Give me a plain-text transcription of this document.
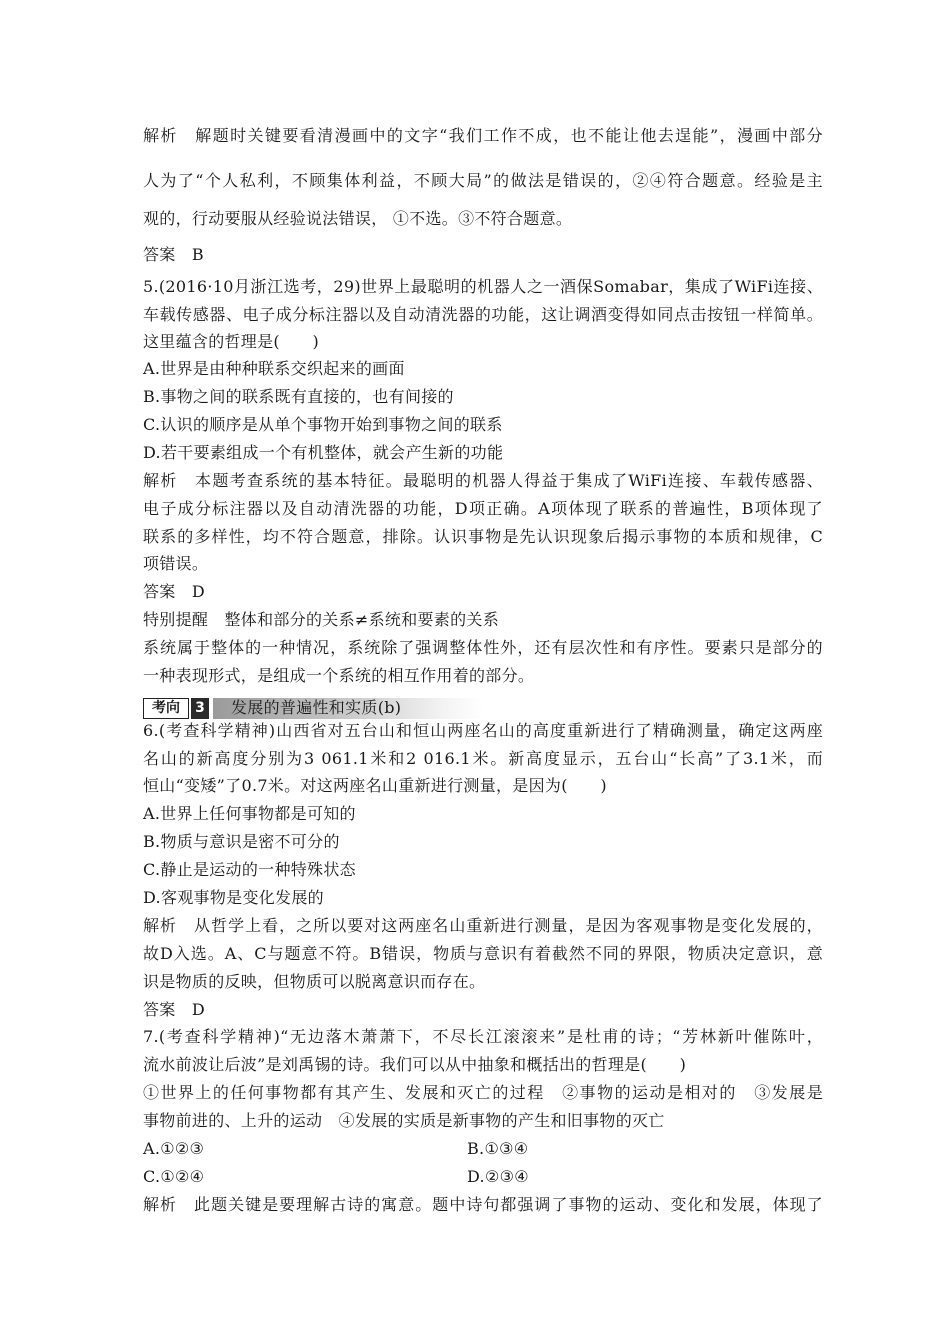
解析　解题时关键要看清漫画中的文字“我们工作不成，也不能让他去逞能”，漫画中部分

人为了“个人私利，不顾集体利益，不顾大局”的做法是错误的，②④符合题意。经验是主

观的，行动要服从经验说法错误， ①不选。③不符合题意。

答案　B

5.(2016·10月浙江选考，29)世界上最聪明的机器人之一酒保Somabar，集成了WiFi连接、

车载传感器、电子成分标注器以及自动清洗器的功能，这让调酒变得如同点击按钮一样简单。

这里蕴含的哲理是(　　)

A.世界是由种种联系交织起来的画面

B.事物之间的联系既有直接的，也有间接的

C.认识的顺序是从单个事物开始到事物之间的联系

D.若干要素组成一个有机整体，就会产生新的功能

解析　本题考查系统的基本特征。最聪明的机器人得益于集成了WiFi连接、车载传感器、

电子成分标注器以及自动清洗器的功能，D项正确。A项体现了联系的普遍性，B项体现了

联系的多样性，均不符合题意，排除。认识事物是先认识现象后揭示事物的本质和规律，C

项错误。

答案　D

特别提醒　整体和部分的关系≠系统和要素的关系

系统属于整体的一种情况，系统除了强调整体性外，还有层次性和有序性。要素只是部分的

一种表现形式，是组成一个系统的相互作用着的部分。

考向	3 发展的普遍性和实质(b)

6.(考查科学精神)山西省对五台山和恒山两座名山的高度重新进行了精确测量，确定这两座

名山的新高度分别为3 061.1米和2 016.1米。新高度显示，五台山“长高”了3.1米，而

恒山“变矮”了0.7米。对这两座名山重新进行测量，是因为(　　)

A.世界上任何事物都是可知的

B.物质与意识是密不可分的

C.静止是运动的一种特殊状态

D.客观事物是变化发展的

解析　从哲学上看，之所以要对这两座名山重新进行测量，是因为客观事物是变化发展的，

故D入选。A、C与题意不符。B错误，物质与意识有着截然不同的界限，物质决定意识，意

识是物质的反映，但物质可以脱离意识而存在。

答案　D

7.(考查科学精神)“无边落木萧萧下，不尽长江滚滚来”是杜甫的诗；“芳林新叶催陈叶，

流水前波让后波”是刘禹锡的诗。我们可以从中抽象和概括出的哲理是(　　)

①世界上的任何事物都有其产生、发展和灭亡的过程　②事物的运动是相对的　③发展是

事物前进的、上升的运动　④发展的实质是新事物的产生和旧事物的灭亡

A.①②③	B.①③④

C.①②④	D.②③④

解析　此题关键是要理解古诗的寓意。题中诗句都强调了事物的运动、变化和发展，体现了
